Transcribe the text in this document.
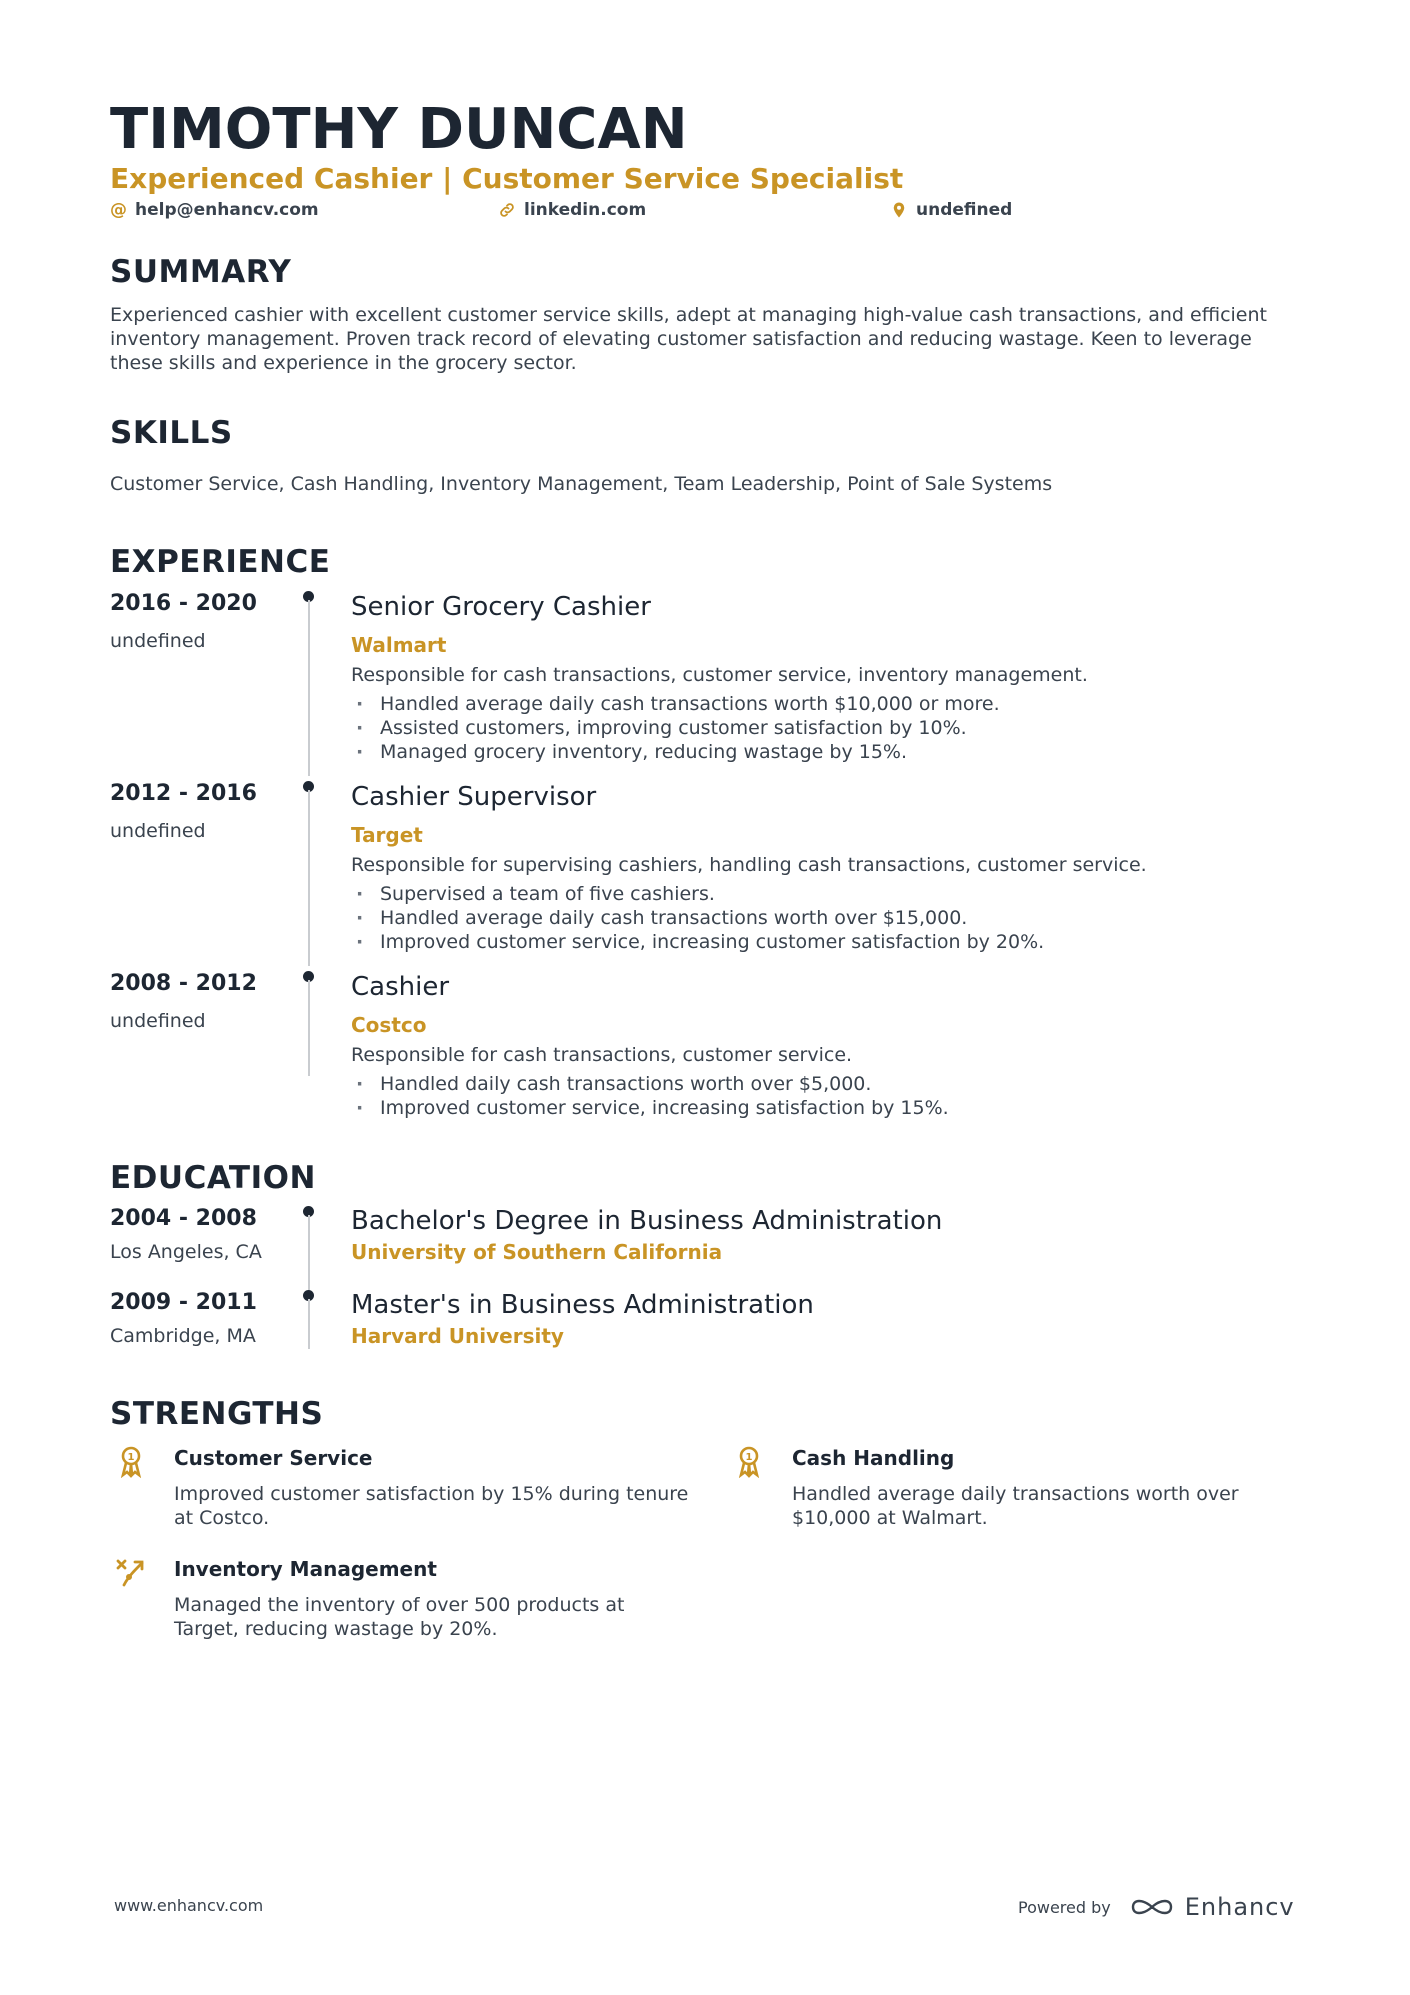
TIMOTHY DUNCAN
Experienced Cashier | Customer Service Specialist
@ help@enhancv.com	linkedin.com	undefined
SUMMARY
Experienced cashier with excellent customer service skills, adept at managing high-value cash transactions, and efficient inventory management. Proven track record of elevating customer satisfaction and reducing wastage. Keen to leverage these skills and experience in the grocery sector.
SKILLS
Customer Service, Cash Handling, Inventory Management, Team Leadership, Point of Sale Systems
EXPERIENCE
2016 - 2020
undefined
Senior Grocery Cashier
Walmart
Responsible for cash transactions, customer service, inventory management.
· Handled average daily cash transactions worth $10,000 or more.
· Assisted customers, improving customer satisfaction by 10%.
· Managed grocery inventory, reducing wastage by 15%.
2012 - 2016
undefined
Cashier Supervisor
Target
Responsible for supervising cashiers, handling cash transactions, customer service.
· Supervised a team of five cashiers.
· Handled average daily cash transactions worth over $15,000.
· Improved customer service, increasing customer satisfaction by 20%.
2008 - 2012
undefined
Cashier
Costco
Responsible for cash transactions, customer service.
· Handled daily cash transactions worth over $5,000.
· Improved customer service, increasing satisfaction by 15%.
EDUCATION
2004 - 2008
Los Angeles, CA
Bachelor's Degree in Business Administration
University of Southern California
2009 - 2011
Cambridge, MA
Master's in Business Administration
Harvard University
STRENGTHS
1 Customer Service
Improved customer satisfaction by 15% during tenure at Costco.
1 Cash Handling
Handled average daily transactions worth over $10,000 at Walmart.
Inventory Management
Managed the inventory of over 500 products at Target, reducing wastage by 20%.
www.enhancv.com	Powered by	Enhancv
